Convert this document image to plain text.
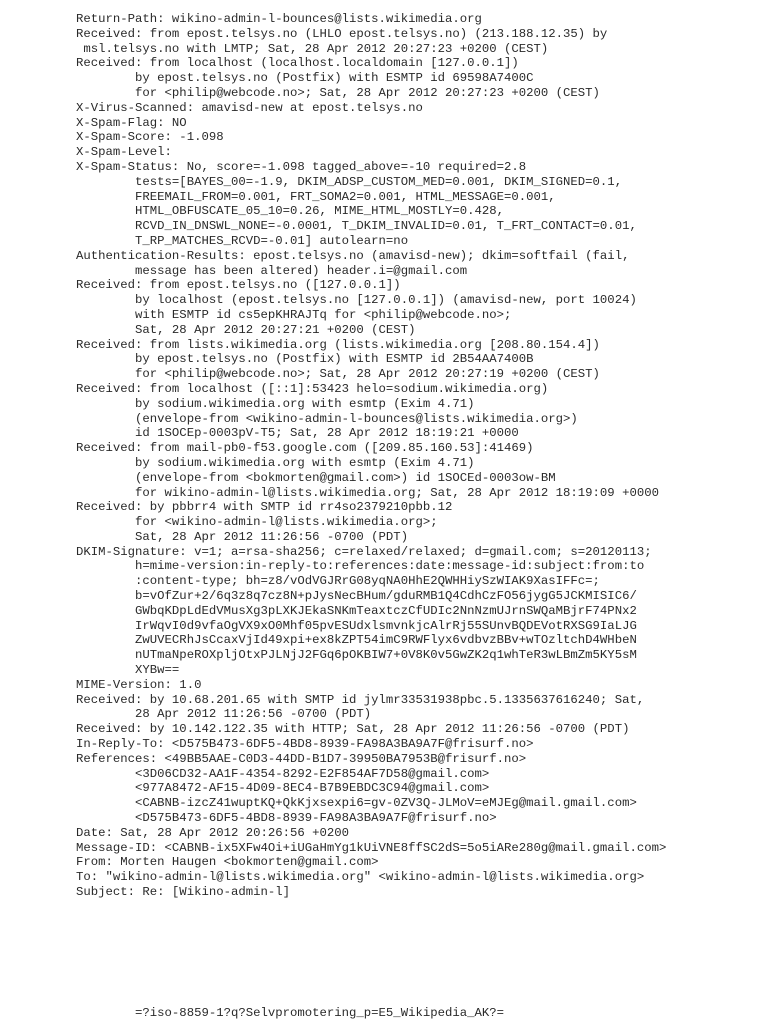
Return-Path: wikino-admin-l-bounces@lists.wikimedia.org
Received: from epost.telsys.no (LHLO epost.telsys.no) (213.188.12.35) by
msl.telsys.no with LMTP; Sat, 28 Apr 2012 20:27:23 +0200 (CEST)
Received: from localhost (localhost.localdomain [127.0.0.1])
by epost.telsys.no (Postfix) with ESMTP id 69598A7400C
for <philip@webcode.no>; Sat, 28 Apr 2012 20:27:23 +0200 (CEST)
X-Virus-Scanned: amavisd-new at epost.telsys.no
X-Spam-Flag: NO
X-Spam-Score: -1.098
X-Spam-Level:
X-Spam-Status: No, score=-1.098 tagged_above=-10 required=2.8
tests=[BAYES_00=-1.9, DKIM_ADSP_CUSTOM_MED=0.001, DKIM_SIGNED=0.1,
FREEMAIL_FROM=0.001, FRT_SOMA2=0.001, HTML_MESSAGE=0.001,
HTML_OBFUSCATE_05_10=0.26, MIME_HTML_MOSTLY=0.428,
RCVD_IN_DNSWL_NONE=-0.0001, T_DKIM_INVALID=0.01, T_FRT_CONTACT=0.01,
T_RP_MATCHES_RCVD=-0.01] autolearn=no
Authentication-Results: epost.telsys.no (amavisd-new); dkim=softfail (fail,
message has been altered) header.i=@gmail.com
Received: from epost.telsys.no ([127.0.0.1])
by localhost (epost.telsys.no [127.0.0.1]) (amavisd-new, port 10024)
with ESMTP id cs5epKHRAJTq for <philip@webcode.no>;
Sat, 28 Apr 2012 20:27:21 +0200 (CEST)
Received: from lists.wikimedia.org (lists.wikimedia.org [208.80.154.4])
by epost.telsys.no (Postfix) with ESMTP id 2B54AA7400B
for <philip@webcode.no>; Sat, 28 Apr 2012 20:27:19 +0200 (CEST)
Received: from localhost ([::1]:53423 helo=sodium.wikimedia.org)
by sodium.wikimedia.org with esmtp (Exim 4.71)
(envelope-from <wikino-admin-l-bounces@lists.wikimedia.org>)
id 1SOCEp-0003pV-T5; Sat, 28 Apr 2012 18:19:21 +0000
Received: from mail-pb0-f53.google.com ([209.85.160.53]:41469)
by sodium.wikimedia.org with esmtp (Exim 4.71)
(envelope-from <bokmorten@gmail.com>) id 1SOCEd-0003ow-BM
for wikino-admin-l@lists.wikimedia.org; Sat, 28 Apr 2012 18:19:09 +0000
Received: by pbbrr4 with SMTP id rr4so2379210pbb.12
for <wikino-admin-l@lists.wikimedia.org>;
Sat, 28 Apr 2012 11:26:56 -0700 (PDT)
DKIM-Signature: v=1; a=rsa-sha256; c=relaxed/relaxed; d=gmail.com; s=20120113;
h=mime-version:in-reply-to:references:date:message-id:subject:from:to
:content-type; bh=z8/vOdVGJRrG08yqNA0HhE2QWHHiySzWIAK9XasIFFc=;
b=vOfZur+2/6q3z8q7cz8N+pJysNecBHum/gduRMB1Q4CdhCzFO56jygG5JCKMISIC6/
GWbqKDpLdEdVMusXg3pLXKJEkaSNKmTeaxtczCfUDIc2NnNzmUJrnSWQaMBjrF74PNx2
IrWqvI0d9vfaOgVX9xO0Mhf05pvESUdxlsmvnkjcAlrRj55SUnvBQDEVotRXSG9IaLJG
ZwUVECRhJsCcaxVjId49xpi+ex8kZPT54imC9RWFlyx6vdbvzBBv+wTOzltchD4WHbeN
nUTmaNpeROXpljOtxPJLNjJ2FGq6pOKBIW7+0V8K0v5GwZK2q1whTeR3wLBmZm5KY5sM
XYBw==
MIME-Version: 1.0
Received: by 10.68.201.65 with SMTP id jylmr33531938pbc.5.1335637616240; Sat,
28 Apr 2012 11:26:56 -0700 (PDT)
Received: by 10.142.122.35 with HTTP; Sat, 28 Apr 2012 11:26:56 -0700 (PDT)
In-Reply-To: <D575B473-6DF5-4BD8-8939-FA98A3BA9A7F@frisurf.no>
References: <49BB5AAE-C0D3-44DD-B1D7-39950BA7953B@frisurf.no>
<3D06CD32-AA1F-4354-8292-E2F854AF7D58@gmail.com>
<977A8472-AF15-4D09-8EC4-B7B9EBDC3C94@gmail.com>
<CABNB-izcZ41wuptKQ+QkKjxsexpi6=gv-0ZV3Q-JLMoV=eMJEg@mail.gmail.com>
<D575B473-6DF5-4BD8-8939-FA98A3BA9A7F@frisurf.no>
Date: Sat, 28 Apr 2012 20:26:56 +0200
Message-ID: <CABNB-ix5XFw4Oi+iUGaHmYg1kUiVNE8ffSC2dS=5o5iARe280g@mail.gmail.com>
From: Morten Haugen <bokmorten@gmail.com>
To: "wikino-admin-l@lists.wikimedia.org" <wikino-admin-l@lists.wikimedia.org>
Subject: Re: [Wikino-admin-l]
=?iso-8859-1?q?Selvpromotering_p=E5_Wikipedia_AK?=
